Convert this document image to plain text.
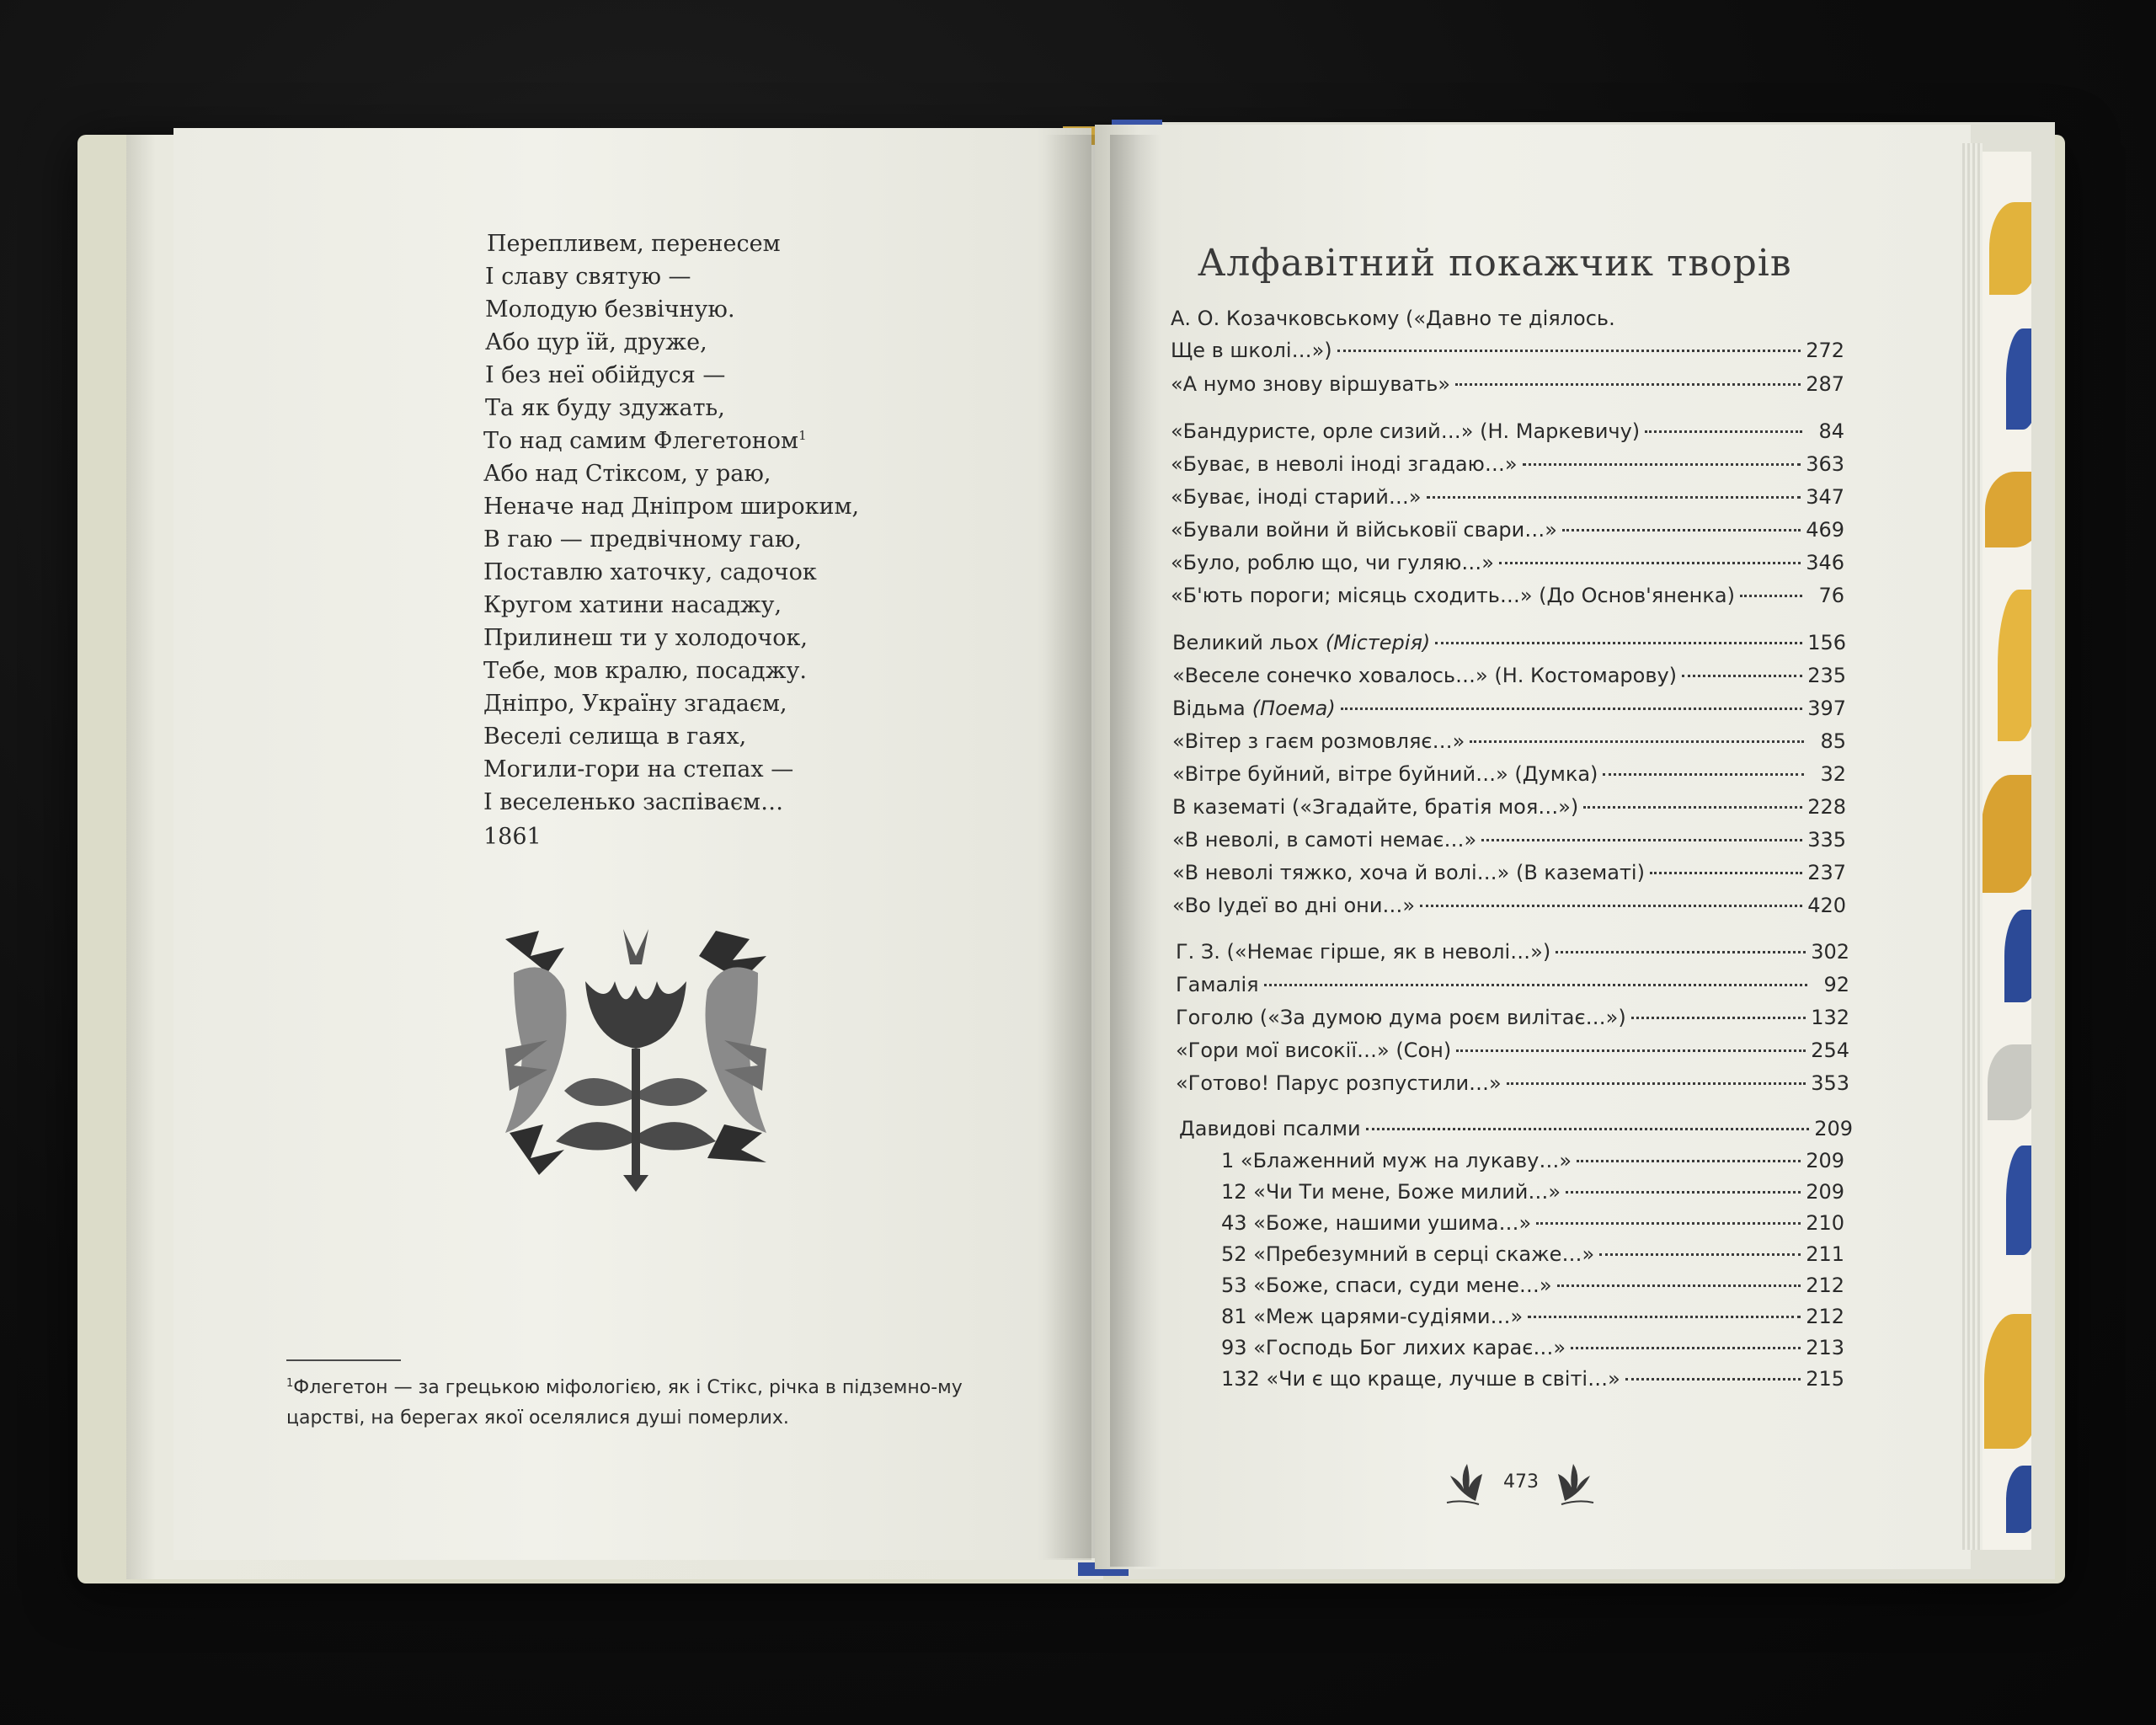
Перепливем, перенесем
І славу святую —
Молодую безвічную.
Або цур їй, друже,
І без неї обійдуся —
Та як буду здужать,
То над самим Флегетоном$^1$
Або над Стіксом, у раю,
Неначе над Дніпром широким,
В гаю — предвічному гаю,
Поставлю хаточку, садочок
Кругом хатини насаджу,
Прилинеш ти у холодочок,
Тебе, мов кралю, посаджу.
Дніпро, Україну згадаєм,
Веселі селища в гаях,
Могили-гори на степах —
І веселенько заспіваєм…
1861
$^1$Флегетон — за грецькою міфологією, як і Стікс, річка в підземно-му царстві, на берегах якої оселялися душі померлих.
Алфавітний покажчик творів
А. О. Козачковському («Давно те діялось.
Ще в школі…»)	272
«А нумо знову віршувать»	287
«Бандуристе, орле сизий…» (Н. Маркевичу)	84
«Буває, в неволі іноді згадаю…»	363
«Буває, іноді старий…»	347
«Бували войни й військовії свари…»	469
«Було, роблю що, чи гуляю…»	346
«Б'ють пороги; місяць сходить…» (До Основ'яненка)	76
Великий льох (Містерія)	156
«Веселе сонечко ховалось…» (Н. Костомарову)	235
Відьма (Поема)	397
«Вітер з гаєм розмовляє…»	85
«Вітре буйний, вітре буйний…» (Думка)	32
В казематі («Згадайте, братія моя…»)	228
«В неволі, в самоті немає…»	335
«В неволі тяжко, хоча й волі…» (В казематі)	237
«Во Іудеї во дні они…»	420
Г. З. («Немає гірше, як в неволі…»)	302
Гамалія	92
Гоголю («За думою дума роєм вилітає…»)	132
«Гори мої високії…» (Сон)	254
«Готово! Парус розпустили…»	353
Давидові псалми	209
1 «Блаженний муж на лукаву…»	209
12 «Чи Ти мене, Боже милий…»	209
43 «Боже, нашими ушима…»	210
52 «Пребезумний в серці скаже…»	211
53 «Боже, спаси, суди мене…»	212
81 «Меж царями-судіями…»	212
93 «Господь Бог лихих карає…»	213
132 «Чи є що краще, лучше в світі…»	215
473
